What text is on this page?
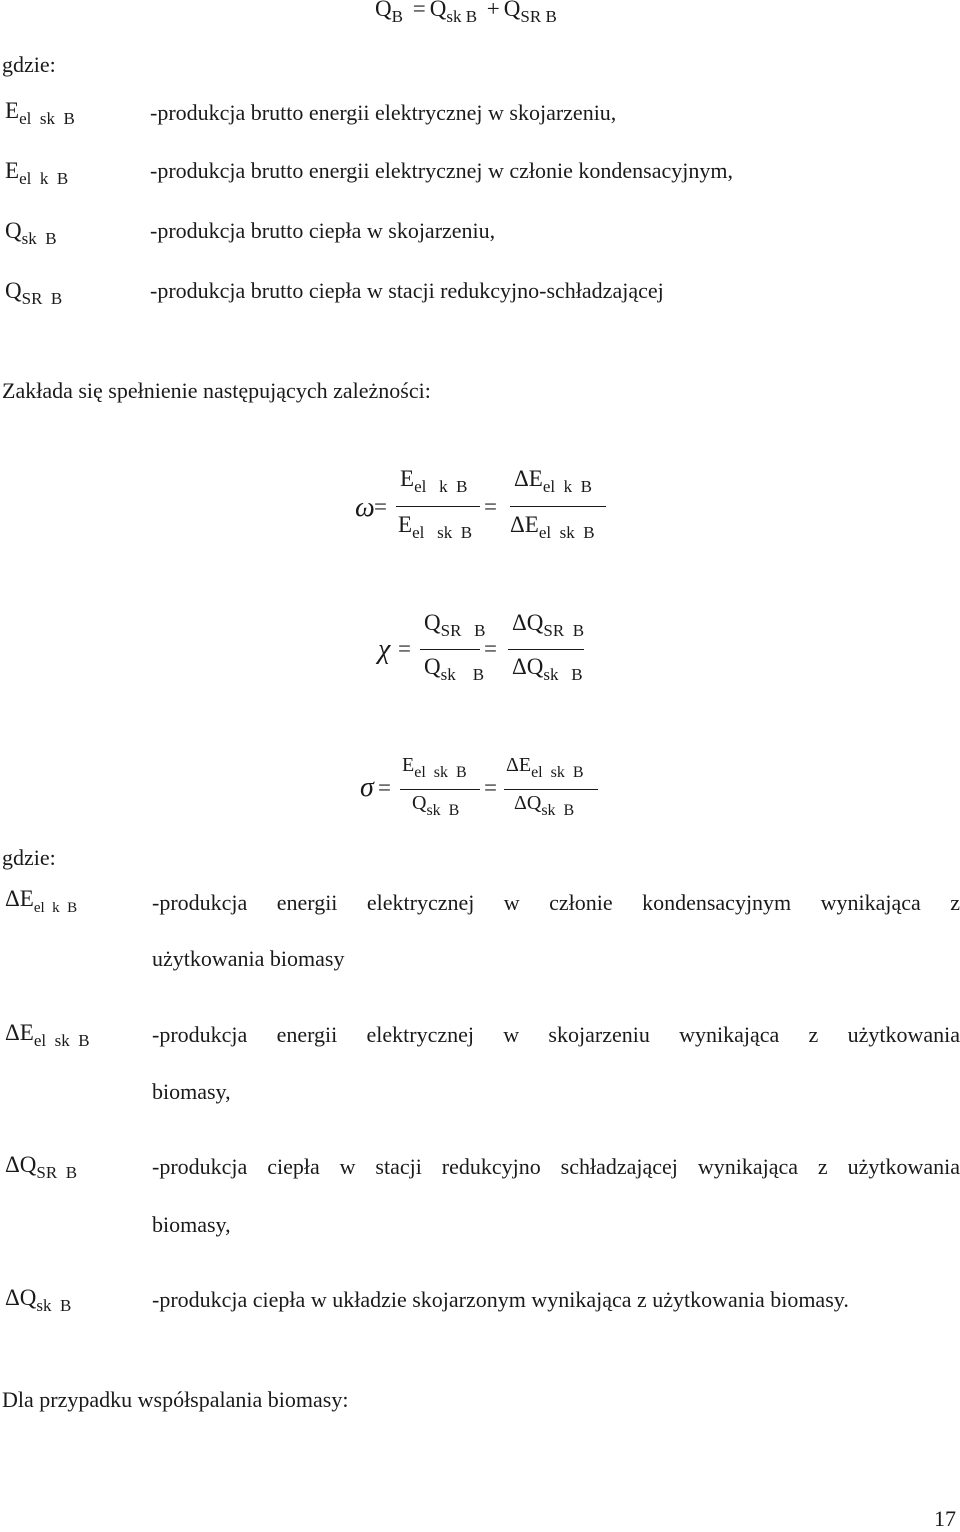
$Q_B = Q_{sk B} + Q_{SR B}$
gdzie:
$E_{el sk B}$	-produkcja brutto energii elektrycznej w skojarzeniu,
$E_{el k B}$	-produkcja brutto energii elektrycznej w członie kondensacyjnym,
$Q_{sk B}$	-produkcja brutto ciepła w skojarzeniu,
$Q_{SR B}$	-produkcja brutto ciepła w stacji redukcyjno-schładzającej
Zakłada się spełnienie następujących zależności:
ω =
$E_{el k B}$
$E_{el sk B}$
=
$\Delta E_{el k B}$
$\Delta E_{el sk B}$
χ =
$Q_{SR B}$
$Q_{sk B}$
=
$\Delta Q_{SR B}$
$\Delta Q_{sk B}$
σ =
$E_{el sk B}$
$Q_{sk B}$
=
$\Delta E_{el sk B}$
$\Delta Q_{sk B}$
gdzie:
$\Delta E_{el k B}$	-produkcja energii elektrycznej w członie kondensacyjnym wynikająca z
użytkowania biomasy
$\Delta E_{el sk B}$	-produkcja energii elektrycznej w skojarzeniu wynikająca z użytkowania
biomasy,
$\Delta Q_{SR B}$	-produkcja ciepła w stacji redukcyjno schładzającej wynikająca z użytkowania
biomasy,
$\Delta Q_{sk B}$	-produkcja ciepła w układzie skojarzonym wynikająca z użytkowania biomasy.
Dla przypadku współspalania biomasy:
17
